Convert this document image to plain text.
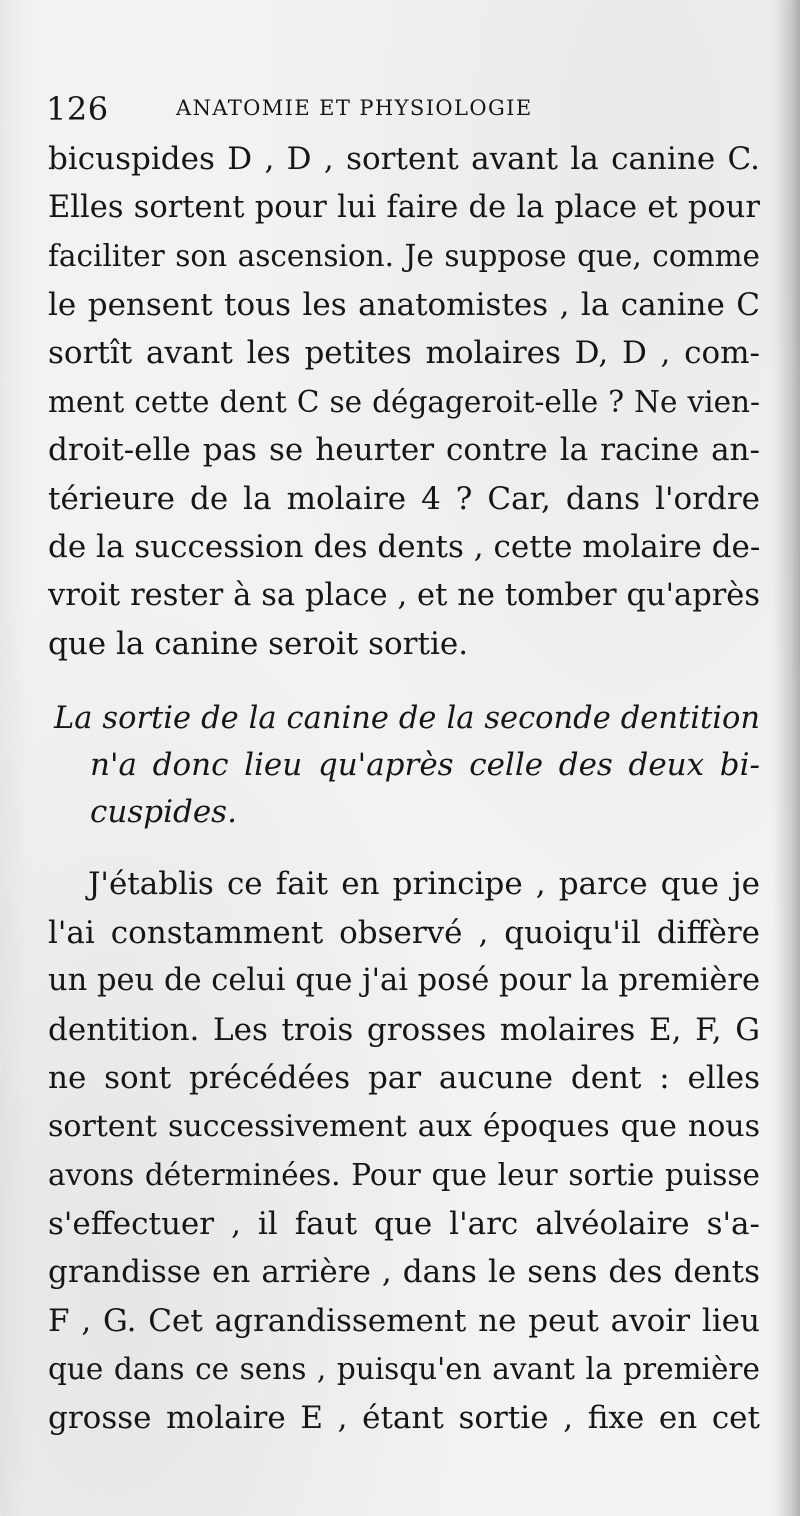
126	ANATOMIE ET PHYSIOLOGIE
bicuspides D , D , sortent avant la canine C.
Elles sortent pour lui faire de la place et pour
faciliter son ascension. Je suppose que, comme
le pensent tous les anatomistes , la canine C
sortît avant les petites molaires D, D , com-
ment cette dent C se dégageroit-elle ? Ne vien-
droit-elle pas se heurter contre la racine an-
térieure de la molaire 4 ? Car, dans l'ordre
de la succession des dents , cette molaire de-
vroit rester à sa place , et ne tomber qu'après
que la canine seroit sortie.
La sortie de la canine de la seconde dentition
n'a donc lieu qu'après celle des deux bi-
cuspides.
J'établis ce fait en principe , parce que je
l'ai constamment observé , quoiqu'il diffère
un peu de celui que j'ai posé pour la première
dentition. Les trois grosses molaires E, F, G
ne sont précédées par aucune dent : elles
sortent successivement aux époques que nous
avons déterminées. Pour que leur sortie puisse
s'effectuer , il faut que l'arc alvéolaire s'a-
grandisse en arrière , dans le sens des dents
F , G. Cet agrandissement ne peut avoir lieu
que dans ce sens , puisqu'en avant la première
grosse molaire E , étant sortie , fixe en cet
